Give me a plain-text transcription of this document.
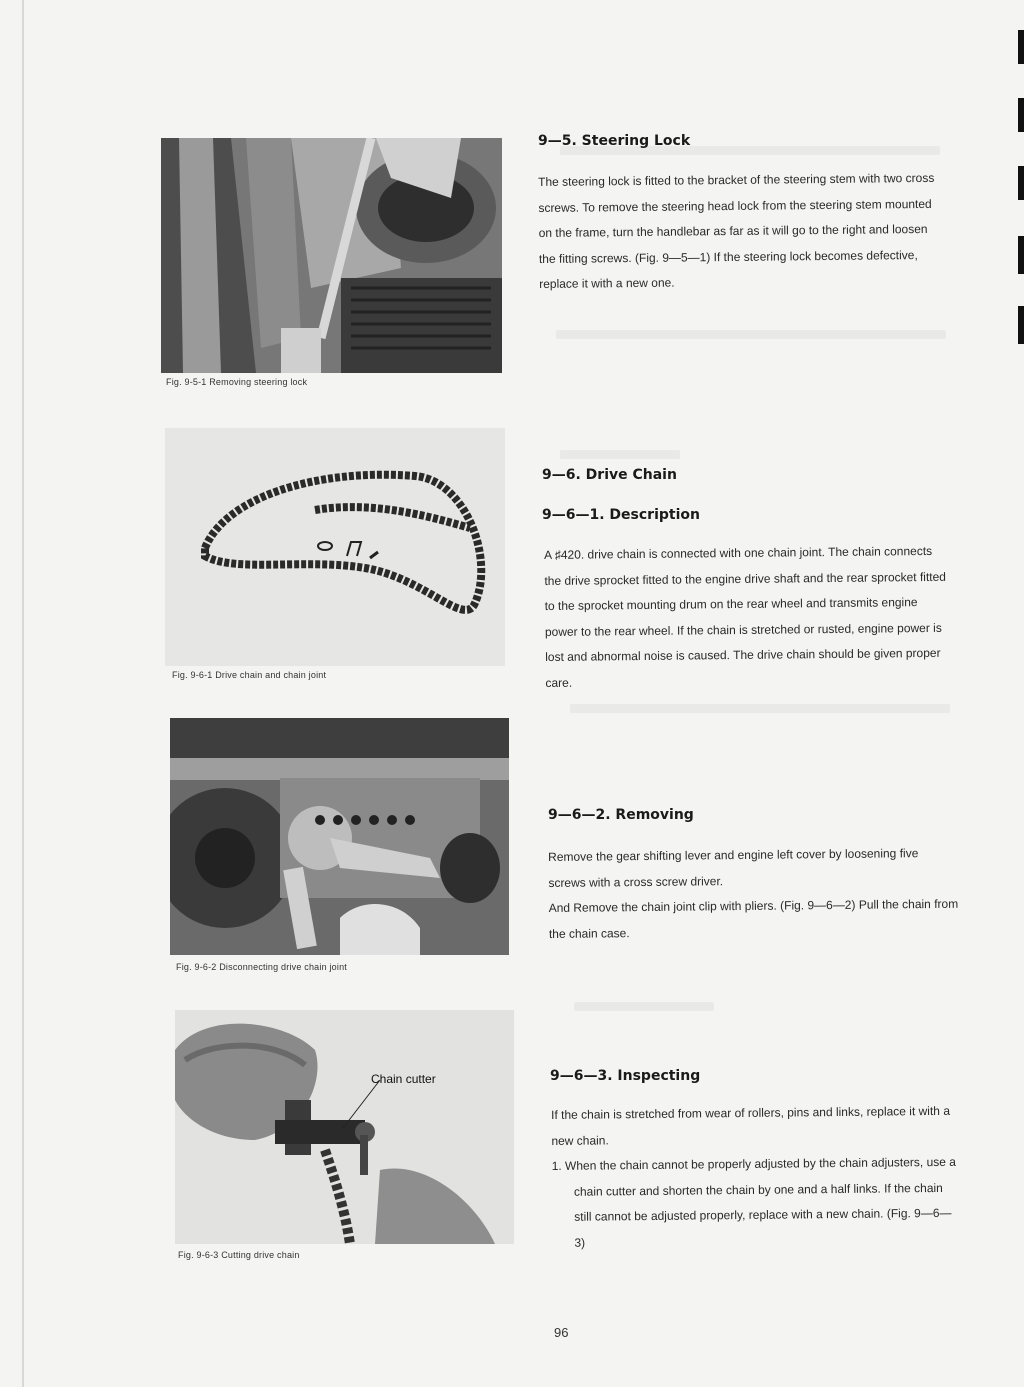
Fig. 9-5-1 Removing steering lock
Fig. 9-6-1 Drive chain and chain joint
Fig. 9-6-2 Disconnecting drive chain joint
Chain cutter
Fig. 9-6-3 Cutting drive chain
9—5. Steering Lock

The steering lock is fitted to the bracket of the steering stem with two cross screws. To remove the steering head lock from the steering stem mounted on the frame, turn the handlebar as far as it will go to the right and loosen the fitting screws. (Fig. 9—5—1) If the steering lock becomes defective, replace it with a new one.

9—6. Drive Chain
9—6—1. Description

A ♯420. drive chain is connected with one chain joint. The chain connects the drive sprocket fitted to the engine drive shaft and the rear sprocket fitted to the sprocket mounting drum on the rear wheel and transmits engine power to the rear wheel. If the chain is stretched or rusted, engine power is lost and abnormal noise is caused. The drive chain should be given proper care.

9—6—2. Removing

Remove the gear shifting lever and engine left cover by loosening five screws with a cross screw driver.

And Remove the chain joint clip with pliers. (Fig. 9—6—2) Pull the chain from the chain case.

9—6—3. Inspecting

If the chain is stretched from wear of rollers, pins and links, replace it with a new chain.

1. When the chain cannot be properly adjusted by the chain adjusters, use a chain cutter and shorten the chain by one and a half links. If the chain still cannot be adjusted properly, replace with a new chain. (Fig. 9—6—3)

96
